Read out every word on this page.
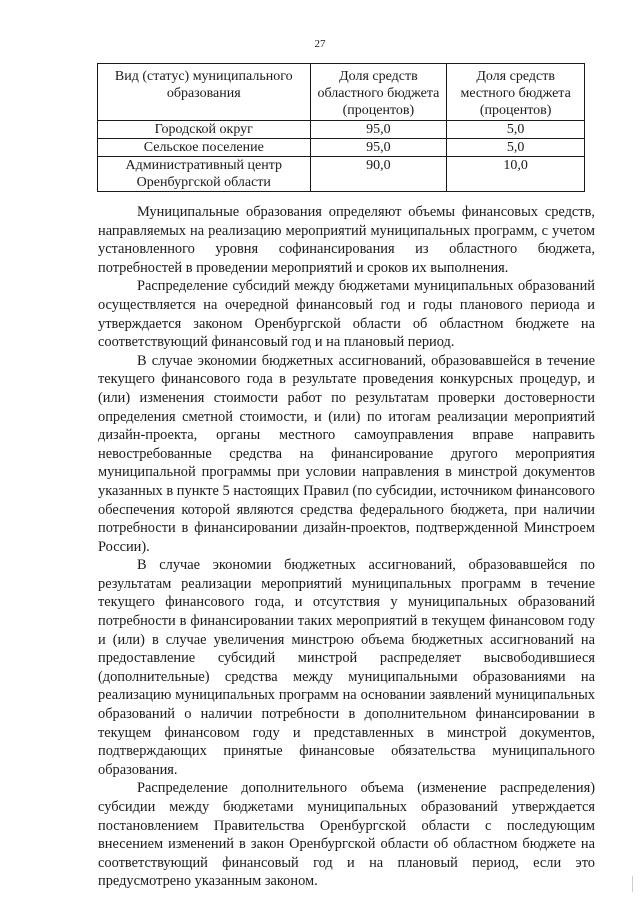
27
Вид (статус) муниципального образования	Доля средств областного бюджета (процентов)	Доля средств местного бюджета (процентов)
Городской округ	95,0	5,0
Сельское поселение	95,0	5,0
Административный центр Оренбургской области	90,0	10,0

Муниципальные образования определяют объемы финансовых средств, направляемых на реализацию мероприятий муниципальных программ, с учетом установленного уровня софинансирования из областного бюджета, потребностей в проведении мероприятий и сроков их выполнения.

Распределение субсидий между бюджетами муниципальных образований осуществляется на очередной финансовый год и годы планового периода и утверждается законом Оренбургской области об областном бюджете на соответствующий финансовый год и на плановый период.

В случае экономии бюджетных ассигнований, образовавшейся в течение текущего финансового года в результате проведения конкурсных процедур, и (или) изменения стоимости работ по результатам проверки достоверности определения сметной стоимости, и (или) по итогам реализации мероприятий дизайн-проекта, органы местного самоуправления вправе направить невостребованные средства на финансирование другого мероприятия муниципальной программы при условии направления в минстрой документов указанных в пункте 5 настоящих Правил (по субсидии, источником финансового обеспечения которой являются средства федерального бюджета, при наличии потребности в финансировании дизайн-проектов, подтвержденной Минстроем России).

В случае экономии бюджетных ассигнований, образовавшейся по результатам реализации мероприятий муниципальных программ в течение текущего финансового года, и отсутствия у муниципальных образований потребности в финансировании таких мероприятий в текущем финансовом году и (или) в случае увеличения минстрою объема бюджетных ассигнований на предоставление субсидий минстрой распределяет высвободившиеся (дополнительные) средства между муниципальными образованиями на реализацию муниципальных программ на основании заявлений муниципальных образований о наличии потребности в дополнительном финансировании в текущем финансовом году и представленных в минстрой документов, подтверждающих принятые финансовые обязательства муниципального образования.

Распределение дополнительного объема (изменение распределения) субсидии между бюджетами муниципальных образований утверждается постановлением Правительства Оренбургской области с последующим внесением изменений в закон Оренбургской области об областном бюджете на соответствующий финансовый год и на плановый период, если это предусмотрено указанным законом.
